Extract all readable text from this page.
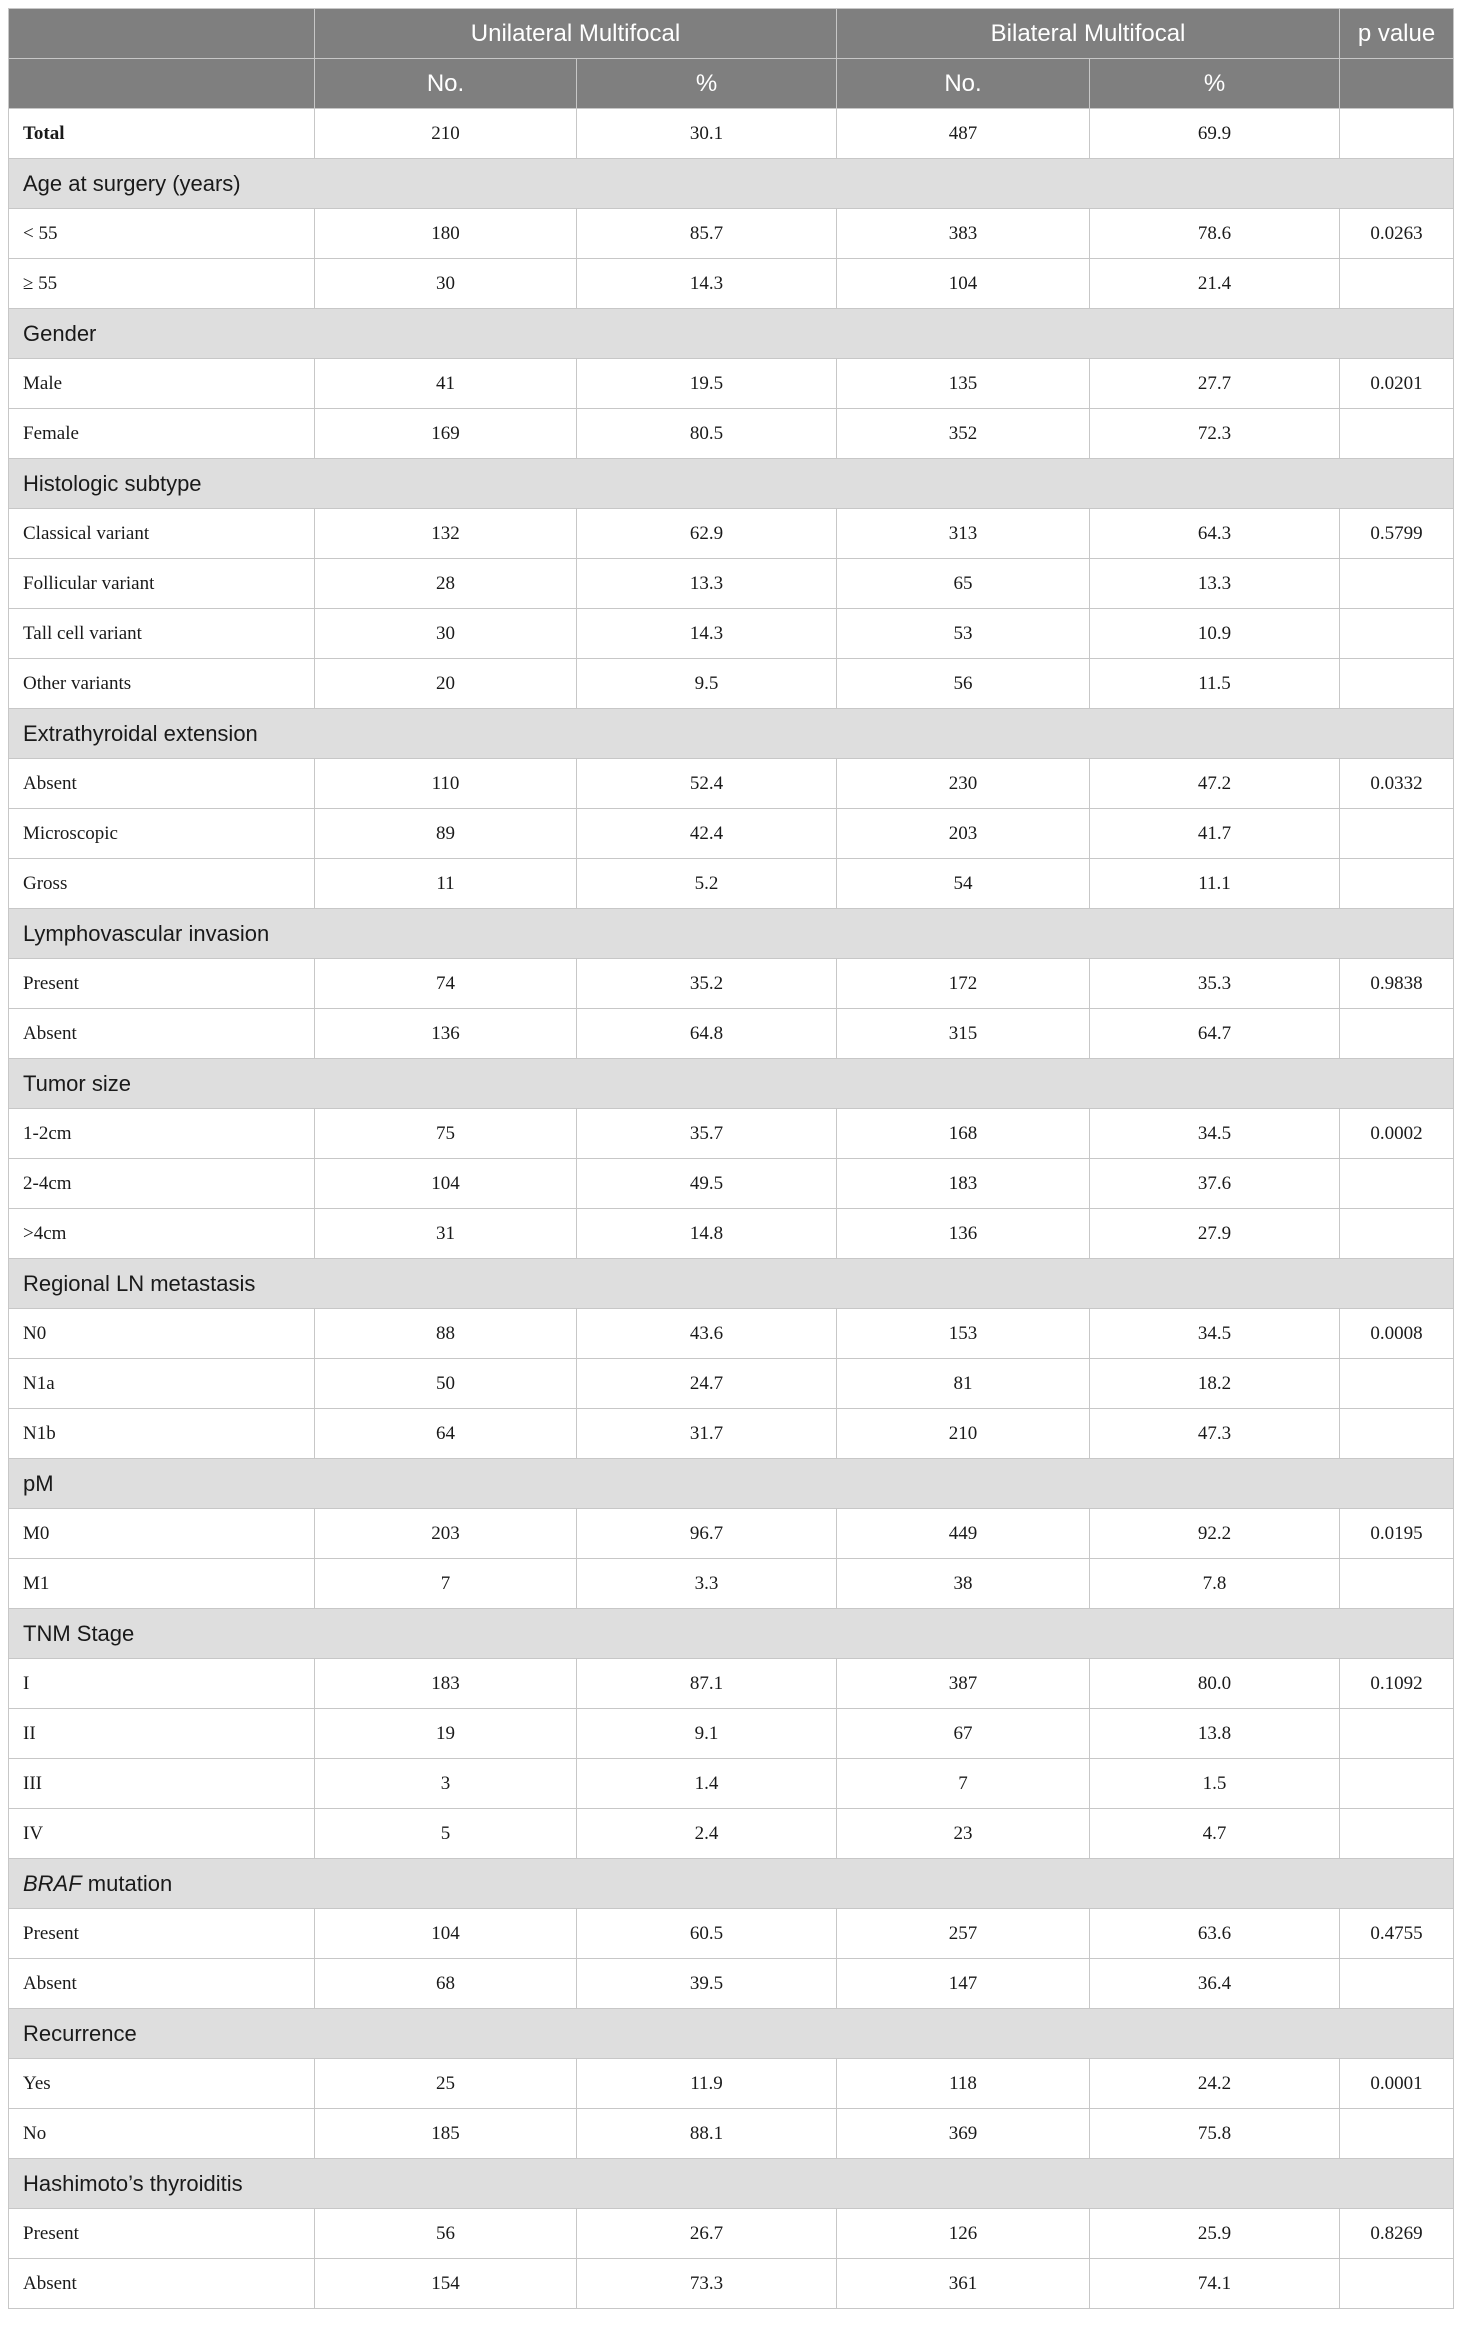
	Unilateral Multifocal		Bilateral Multifocal		p value
	No.	%	No.	%	
Total	210	30.1	487	69.9	
Age at surgery (years)					
< 55	180	85.7	383	78.6	0.0263
≥ 55	30	14.3	104	21.4	
Gender					
Male	41	19.5	135	27.7	0.0201
Female	169	80.5	352	72.3	
Histologic subtype					
Classical variant	132	62.9	313	64.3	0.5799
Follicular variant	28	13.3	65	13.3	
Tall cell variant	30	14.3	53	10.9	
Other variants	20	9.5	56	11.5	
Extrathyroidal extension					
Absent	110	52.4	230	47.2	0.0332
Microscopic	89	42.4	203	41.7	
Gross	11	5.2	54	11.1	
Lymphovascular invasion					
Present	74	35.2	172	35.3	0.9838
Absent	136	64.8	315	64.7	
Tumor size					
1-2cm	75	35.7	168	34.5	0.0002
2-4cm	104	49.5	183	37.6	
>4cm	31	14.8	136	27.9	
Regional LN metastasis					
N0	88	43.6	153	34.5	0.0008
N1a	50	24.7	81	18.2	
N1b	64	31.7	210	47.3	
pM					
M0	203	96.7	449	92.2	0.0195
M1	7	3.3	38	7.8	
TNM Stage					
I	183	87.1	387	80.0	0.1092
II	19	9.1	67	13.8	
III	3	1.4	7	1.5	
IV	5	2.4	23	4.7	
BRAF mutation					
Present	104	60.5	257	63.6	0.4755
Absent	68	39.5	147	36.4	
Recurrence					
Yes	25	11.9	118	24.2	0.0001
No	185	88.1	369	75.8	
Hashimoto’s thyroiditis					
Present	56	26.7	126	25.9	0.8269
Absent	154	73.3	361	74.1	
